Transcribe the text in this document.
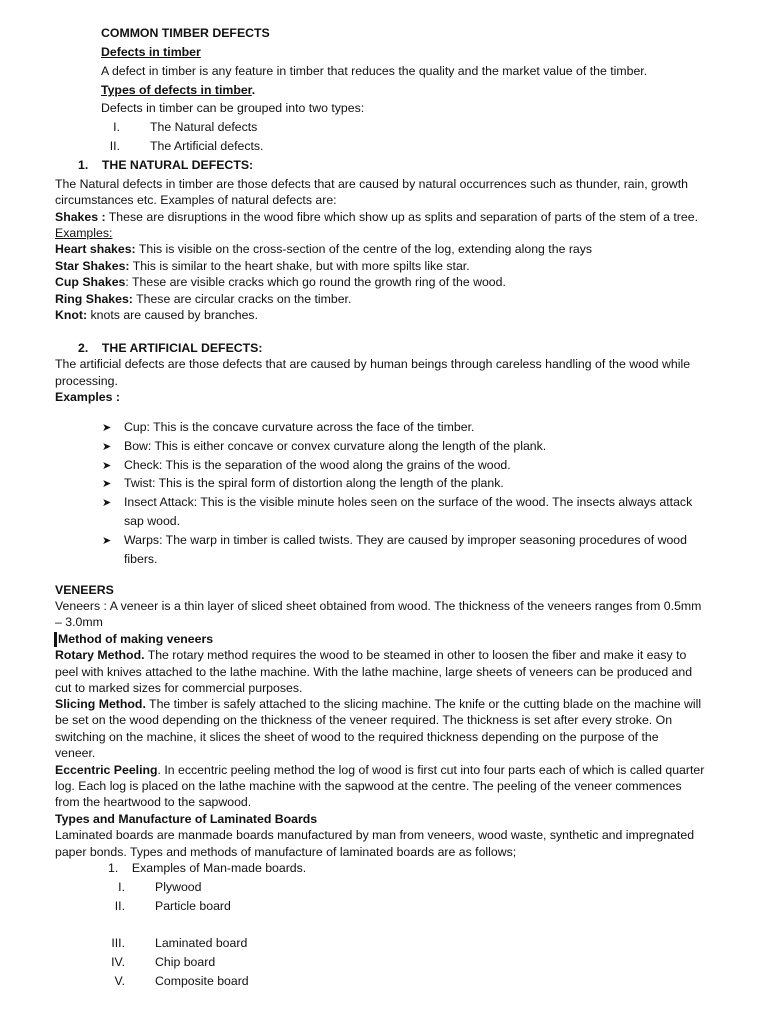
COMMON TIMBER DEFECTS
Defects in timber
A defect in timber is any feature in timber that reduces the quality and the market value of the timber.
Types of defects in timber.
Defects in timber can be grouped into two types:
I. The Natural defects
II. The Artificial defects.
1.    THE NATURAL DEFECTS:
The Natural defects in timber are those defects that are caused by natural occurrences such as thunder, rain, growth
circumstances etc. Examples of natural defects are:
Shakes : These are disruptions in the wood fibre which show up as splits and separation of parts of the stem of a tree.
Examples:
Heart shakes: This is visible on the cross-section of the centre of the log, extending along the rays
Star Shakes: This is similar to the heart shake, but with more spilts like star.
Cup Shakes: These are visible cracks which go round the growth ring of the wood.
Ring Shakes: These are circular cracks on the timber.
Knot: knots are caused by branches.
2.    THE ARTIFICIAL DEFECTS:
The artificial defects are those defects that are caused by human beings through careless handling of the wood while
processing.
Examples :
➤ Cup: This is the concave curvature across the face of the timber.
➤ Bow: This is either concave or convex curvature along the length of the plank.
➤ Check: This is the separation of the wood along the grains of the wood.
➤ Twist: This is the spiral form of distortion along the length of the plank.
➤ Insect Attack: This is the visible minute holes seen on the surface of the wood. The insects always attack
sap wood.
➤ Warps: The warp in timber is called twists. They are caused by improper seasoning procedures of wood
fibers.
VENEERS
Veneers : A veneer is a thin layer of sliced sheet obtained from wood. The thickness of the veneers ranges from 0.5mm
– 3.0mm
Method of making veneers
Rotary Method. The rotary method requires the wood to be steamed in other to loosen the fiber and make it easy to
peel with knives attached to the lathe machine. With the lathe machine, large sheets of veneers can be produced and
cut to marked sizes for commercial purposes.
Slicing Method. The timber is safely attached to the slicing machine. The knife or the cutting blade on the machine will
be set on the wood depending on the thickness of the veneer required. The thickness is set after every stroke. On
switching on the machine, it slices the sheet of wood to the required thickness depending on the purpose of the
veneer.
Eccentric Peeling. In eccentric peeling method the log of wood is first cut into four parts each of which is called quarter
log. Each log is placed on the lathe machine with the sapwood at the centre. The peeling of the veneer commences
from the heartwood to the sapwood.
Types and Manufacture of Laminated Boards
Laminated boards are manmade boards manufactured by man from veneers, wood waste, synthetic and impregnated
paper bonds. Types and methods of manufacture of laminated boards are as follows;
1.    Examples of Man-made boards.
I. Plywood
II. Particle board
III. Laminated board
IV. Chip board
V. Composite board
